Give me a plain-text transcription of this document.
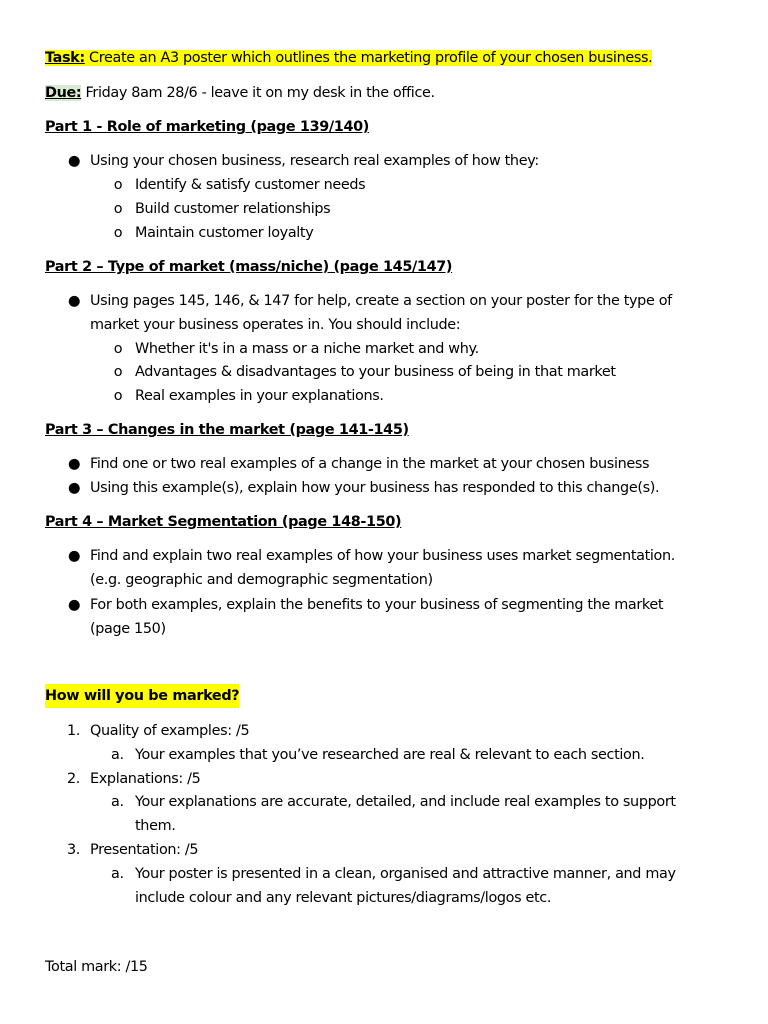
Task: Create an A3 poster which outlines the marketing profile of your chosen business.
Due: Friday 8am 28/6 - leave it on my desk in the office.
Part 1 - Role of marketing (page 139/140)
● Using your chosen business, research real examples of how they:
o Identify & satisfy customer needs
o Build customer relationships
o Maintain customer loyalty
Part 2 – Type of market (mass/niche) (page 145/147)
● Using pages 145, 146, & 147 for help, create a section on your poster for the type of
market your business operates in. You should include:
o Whether it's in a mass or a niche market and why.
o Advantages & disadvantages to your business of being in that market
o Real examples in your explanations.
Part 3 – Changes in the market (page 141-145)
● Find one or two real examples of a change in the market at your chosen business
● Using this example(s), explain how your business has responded to this change(s).
Part 4 – Market Segmentation (page 148-150)
● Find and explain two real examples of how your business uses market segmentation.
(e.g. geographic and demographic segmentation)
● For both examples, explain the benefits to your business of segmenting the market
(page 150)
How will you be marked?
1. Quality of examples: /5
a. Your examples that you’ve researched are real & relevant to each section.
2. Explanations: /5
a. Your explanations are accurate, detailed, and include real examples to support
them.
3. Presentation: /5
a. Your poster is presented in a clean, organised and attractive manner, and may
include colour and any relevant pictures/diagrams/logos etc.
Total mark: /15
